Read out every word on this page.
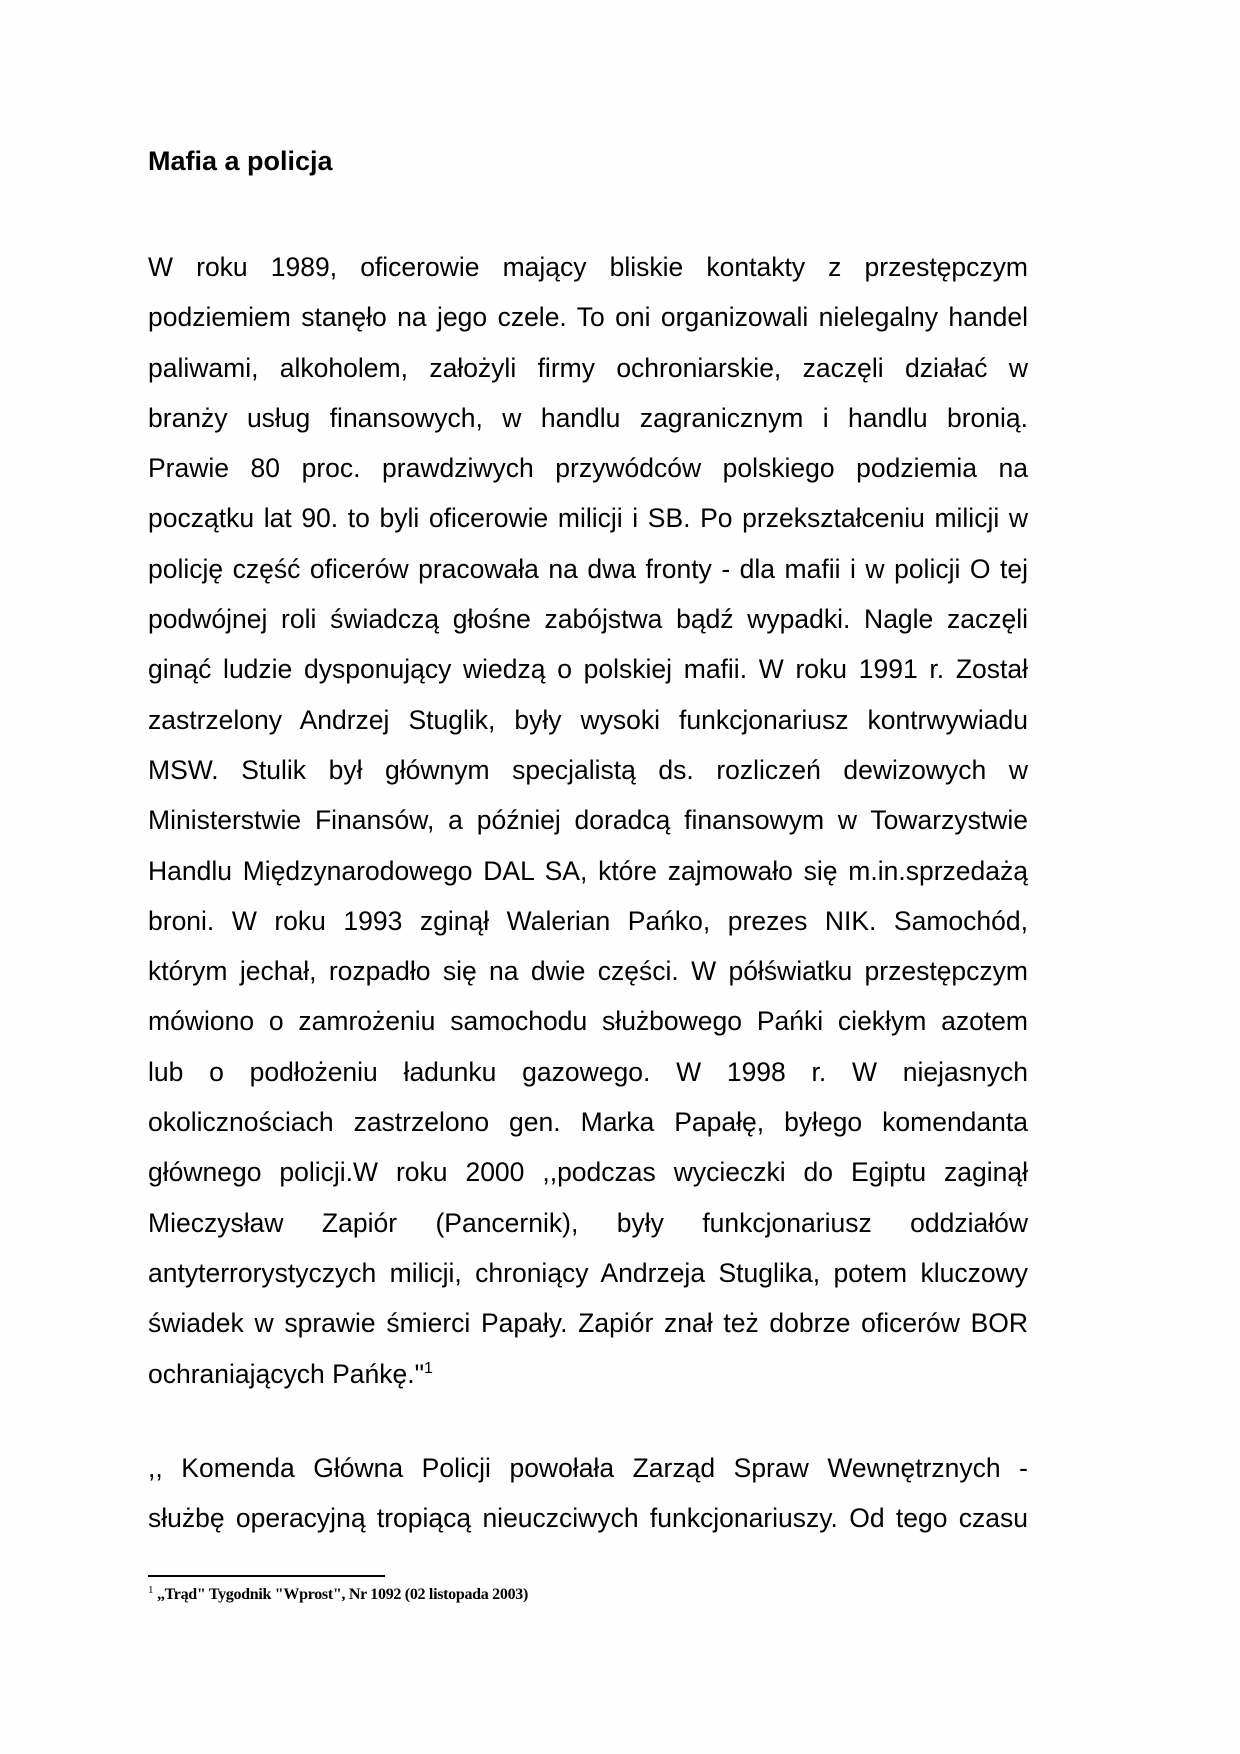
Mafia a policja
W roku 1989, oficerowie mający bliskie kontakty z przestępczym
podziemiem stanęło na jego czele. To oni organizowali nielegalny handel
paliwami, alkoholem, założyli firmy ochroniarskie, zaczęli działać w
branży usług finansowych, w handlu zagranicznym i handlu bronią.
Prawie 80 proc. prawdziwych przywódców polskiego podziemia na
początku lat 90. to byli oficerowie milicji i SB. Po przekształceniu milicji w
policję część oficerów pracowała na dwa fronty - dla mafii i w policji O tej
podwójnej roli świadczą głośne zabójstwa bądź wypadki. Nagle zaczęli
ginąć ludzie dysponujący wiedzą o polskiej mafii. W roku 1991 r. Został
zastrzelony Andrzej Stuglik, były wysoki funkcjonariusz kontrwywiadu
MSW. Stulik był głównym specjalistą ds. rozliczeń dewizowych w
Ministerstwie Finansów, a później doradcą finansowym w Towarzystwie
Handlu Międzynarodowego DAL SA, które zajmowało się m.in.sprzedażą
broni. W roku 1993 zginął Walerian Pańko, prezes NIK. Samochód,
którym jechał, rozpadło się na dwie części. W półświatku przestępczym
mówiono o zamrożeniu samochodu służbowego Pańki ciekłym azotem
lub o podłożeniu ładunku gazowego. W 1998 r. W niejasnych
okolicznościach zastrzelono gen. Marka Papałę, byłego komendanta
głównego policji.W roku 2000 ,,podczas wycieczki do Egiptu zaginął
Mieczysław Zapiór (Pancernik), były funkcjonariusz oddziałów
antyterrorystyczych milicji, chroniący Andrzeja Stuglika, potem kluczowy
świadek w sprawie śmierci Papały. Zapiór znał też dobrze oficerów BOR
ochraniających Pańkę."$^1$
,, Komenda Główna Policji powołała Zarząd Spraw Wewnętrznych -
służbę operacyjną tropiącą nieuczciwych funkcjonariuszy. Od tego czasu
$^1$ ,,Trąd" Tygodnik "Wprost", Nr 1092 (02 listopada 2003)
